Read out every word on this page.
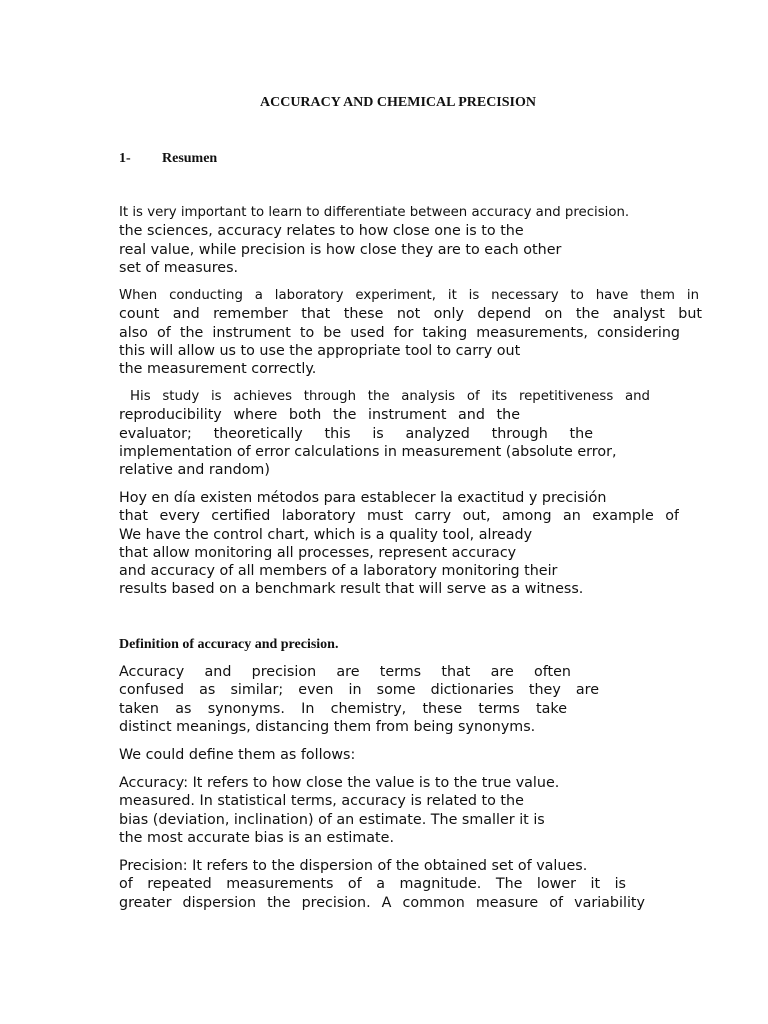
ACCURACY AND CHEMICAL PRECISION
1- Resumen

It is very important to learn to differentiate between accuracy and precision.
the sciences, accuracy relates to how close one is to the
real value, while precision is how close they are to each other
set of measures.

When conducting a laboratory experiment, it is necessary to have them in
count and remember that these not only depend on the analyst but
also of the instrument to be used for taking measurements, considering
this will allow us to use the appropriate tool to carry out
the measurement correctly.

His study is achieves through the analysis of its repetitiveness and
reproducibility where both the instrument and the
evaluator; theoretically this is analyzed through the
implementation of error calculations in measurement (absolute error,
relative and random)

Hoy en día existen métodos para establecer la exactitud y precisión
that every certified laboratory must carry out, among an example of
We have the control chart, which is a quality tool, already
that allow monitoring all processes, represent accuracy
and accuracy of all members of a laboratory monitoring their
results based on a benchmark result that will serve as a witness.

Definition of accuracy and precision.

Accuracy and precision are terms that are often
confused as similar; even in some dictionaries they are
taken as synonyms. In chemistry, these terms take
distinct meanings, distancing them from being synonyms.

We could define them as follows:

Accuracy: It refers to how close the value is to the true value.
measured. In statistical terms, accuracy is related to the
bias (deviation, inclination) of an estimate. The smaller it is
the most accurate bias is an estimate.

Precision: It refers to the dispersion of the obtained set of values.
of repeated measurements of a magnitude. The lower it is
greater dispersion the precision. A common measure of variability
